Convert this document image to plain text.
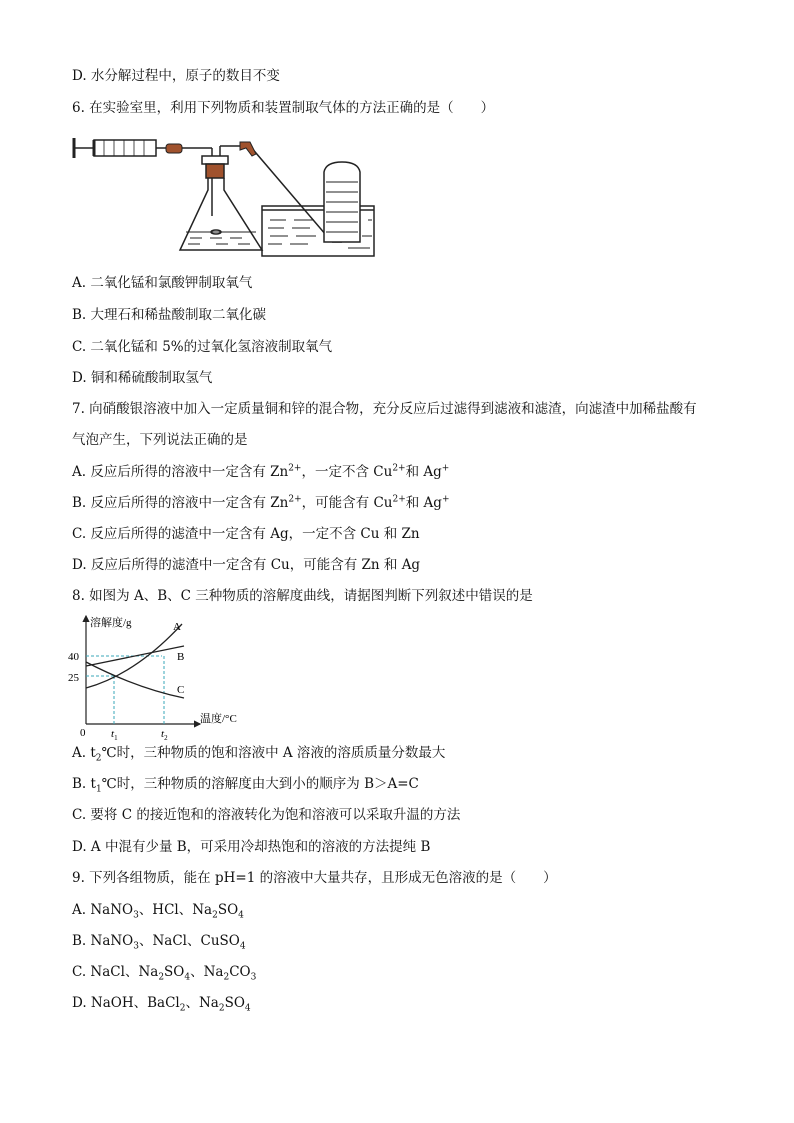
D. 水分解过程中，原子的数目不变
6. 在实验室里，利用下列物质和装置制取气体的方法正确的是（　　）
A. 二氧化锰和氯酸钾制取氧气
B. 大理石和稀盐酸制取二氧化碳
C. 二氧化锰和 5%的过氧化氢溶液制取氧气
D. 铜和稀硫酸制取氢气
7. 向硝酸银溶液中加入一定质量铜和锌的混合物，充分反应后过滤得到滤液和滤渣，向滤渣中加稀盐酸有
气泡产生，下列说法正确的是
A. 反应后所得的溶液中一定含有 $Zn^{2+}$，一定不含 $Cu^{2+}$和 Ag+
B. 反应后所得的溶液中一定含有 $Zn^{2+}$，可能含有 $Cu^{2+}$和 Ag+
C. 反应后所得的滤渣中一定含有 Ag，一定不含 Cu 和 Zn
D. 反应后所得的滤渣中一定含有 Cu，可能含有 Zn 和 Ag
8. 如图为 A、B、C 三种物质的溶解度曲线，请据图判断下列叙述中错误的是
溶解度/g
温度/°C
0
40
25
$t_1$	$t_2$
A
B
C
A. $t_2℃$时，三种物质的饱和溶液中 A 溶液的溶质质量分数最大
B. $t_1℃$时，三种物质的溶解度由大到小的顺序为 B＞A=C
C. 要将 C 的接近饱和的溶液转化为饱和溶液可以采取升温的方法
D. A 中混有少量 B，可采用冷却热饱和的溶液的方法提纯 B
9. 下列各组物质，能在 pH=1 的溶液中大量共存，且形成无色溶液的是（　　）
A. NaNO$_3$、HCl、$Na_2SO_4$
B. NaNO$_3$、NaCl、CuSO$_4$
C. NaCl、$Na_2SO_4$、$Na_2CO_3$
D. NaOH、BaCl$_2$、$Na_2SO_4$
